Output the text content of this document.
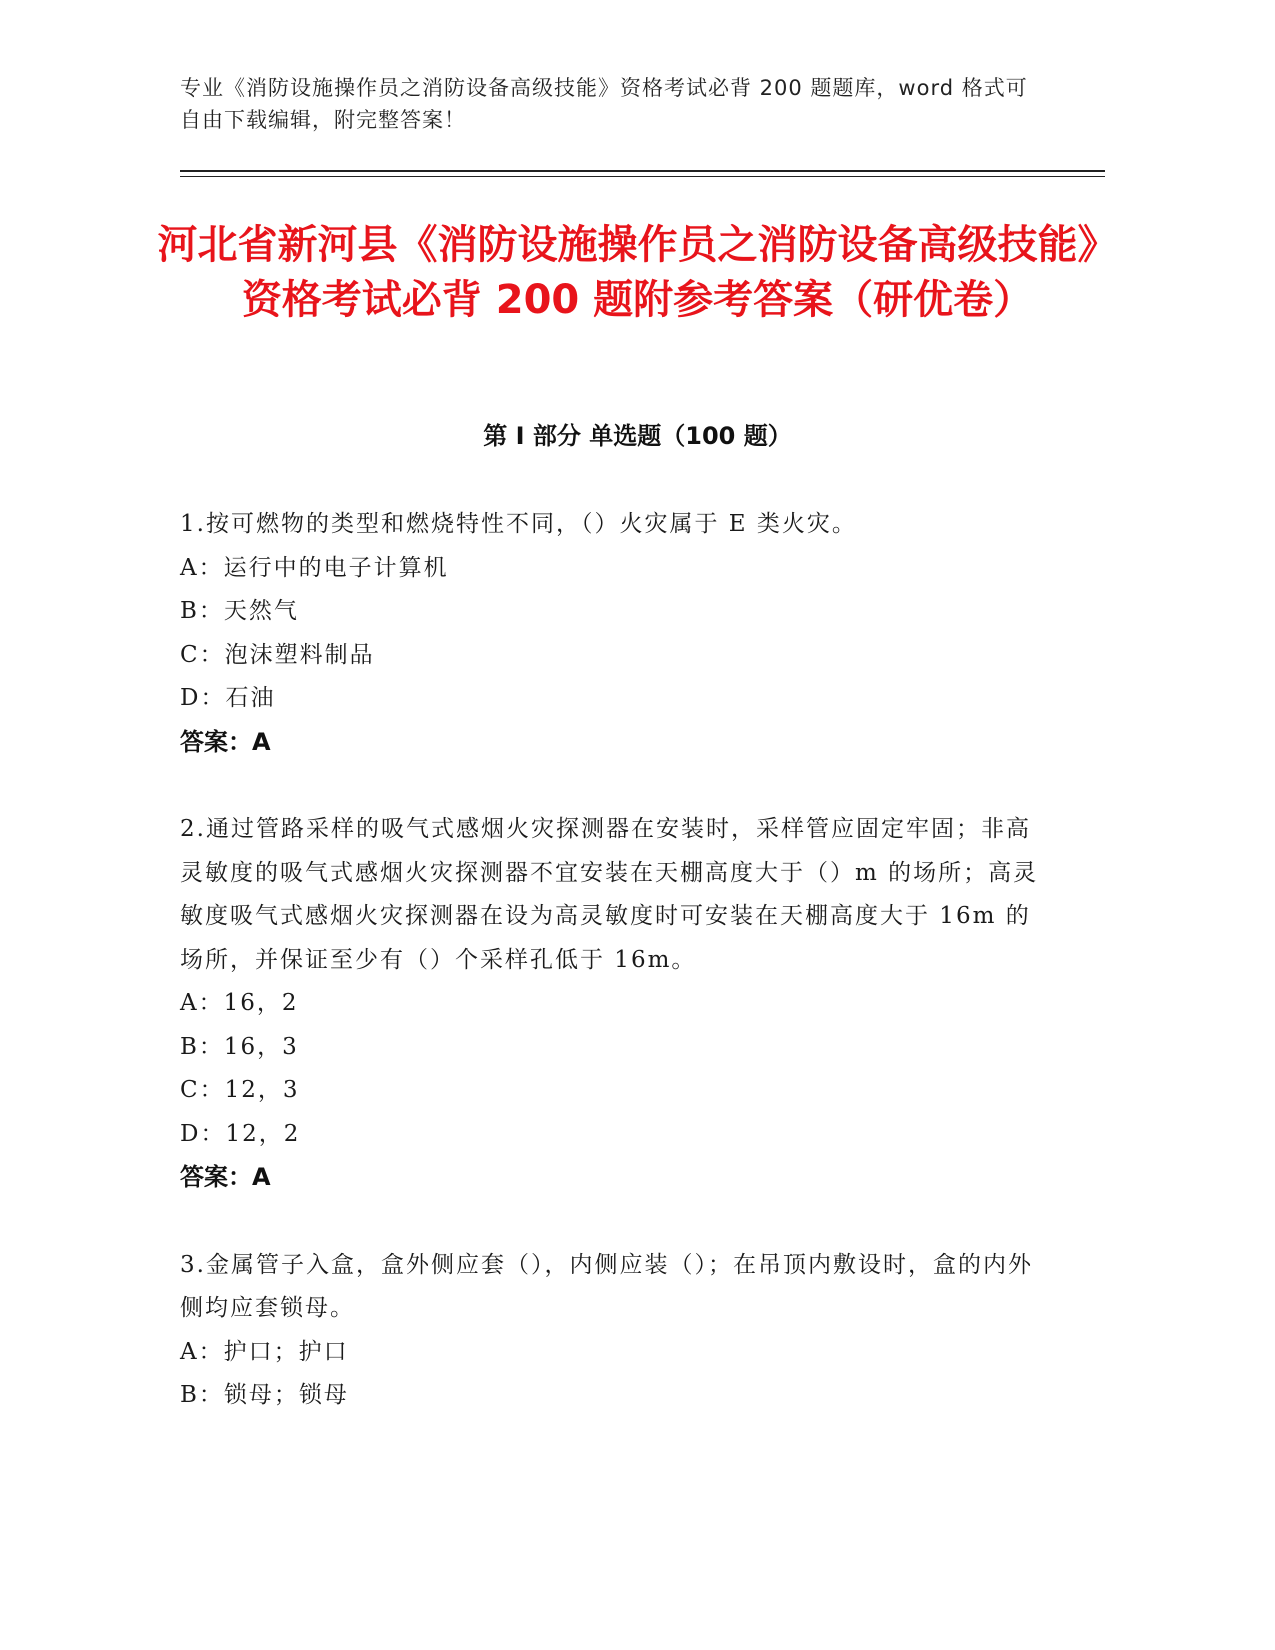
专业《消防设施操作员之消防设备高级技能》资格考试必背 200 题题库，word 格式可自由下载编辑，附完整答案！
河北省新河县《消防设施操作员之消防设备高级技能》资格考试必背 200 题附参考答案（研优卷）
第 I 部分 单选题（100 题）
1.按可燃物的类型和燃烧特性不同，（）火灾属于 E 类火灾。
A：运行中的电子计算机
B：天然气
C：泡沫塑料制品
D：石油
答案：A
2.通过管路采样的吸气式感烟火灾探测器在安装时，采样管应固定牢固；非高灵敏度的吸气式感烟火灾探测器不宜安装在天棚高度大于（）m 的场所；高灵敏度吸气式感烟火灾探测器在设为高灵敏度时可安装在天棚高度大于 16m 的场所，并保证至少有（）个采样孔低于 16m。
A：16，2
B：16，3
C：12，3
D：12，2
答案：A
3.金属管子入盒，盒外侧应套（），内侧应装（）；在吊顶内敷设时，盒的内外侧均应套锁母。
A：护口；护口
B：锁母；锁母
